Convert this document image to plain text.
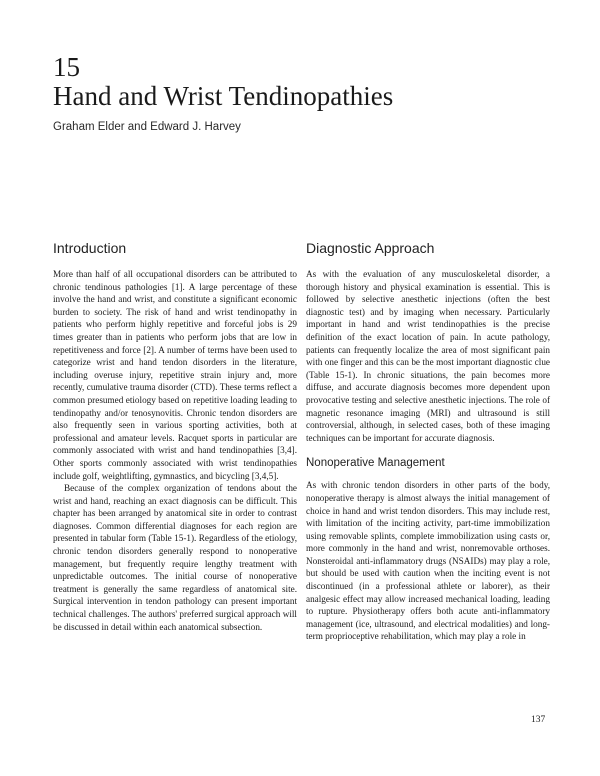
15
Hand and Wrist Tendinopathies
Graham Elder and Edward J. Harvey
Introduction

More than half of all occupational disorders can be attributed to chronic tendinous pathologies [1]. A large percentage of these involve the hand and wrist, and constitute a significant economic burden to society. The risk of hand and wrist tendinopathy in patients who perform highly repetitive and forceful jobs is 29 times greater than in patients who perform jobs that are low in repetitiveness and force [2]. A number of terms have been used to categorize wrist and hand tendon disorders in the literature, including overuse injury, repetitive strain injury and, more recently, cumulative trauma disorder (CTD). These terms reflect a common presumed etiology based on repetitive loading leading to tendinopathy and/or tenosynovitis. Chronic tendon disorders are also frequently seen in various sporting activities, both at professional and amateur levels. Racquet sports in particular are commonly associated with wrist and hand tendinopathies [3,4]. Other sports commonly associated with wrist tendinopathies include golf, weightlifting, gymnastics, and bicycling [3,4,5].

Because of the complex organization of tendons about the wrist and hand, reaching an exact diagnosis can be difficult. This chapter has been arranged by anatomical site in order to contrast diagnoses. Common differential diagnoses for each region are presented in tabular form (Table 15-1). Regardless of the etiology, chronic tendon disorders generally respond to nonoperative management, but frequently require lengthy treatment with unpredictable outcomes. The initial course of nonoperative treatment is generally the same regardless of anatomical site. Surgical intervention in tendon pathology can present important technical challenges. The authors' preferred surgical approach will be discussed in detail within each anatomical subsection.

Diagnostic Approach

As with the evaluation of any musculoskeletal disorder, a thorough history and physical examination is essential. This is followed by selective anesthetic injections (often the best diagnostic test) and by imaging when necessary. Particularly important in hand and wrist tendinopathies is the precise definition of the exact location of pain. In acute pathology, patients can frequently localize the area of most significant pain with one finger and this can be the most important diagnostic clue (Table 15-1). In chronic situations, the pain becomes more diffuse, and accurate diagnosis becomes more dependent upon provocative testing and selective anesthetic injections. The role of magnetic resonance imaging (MRI) and ultrasound is still controversial, although, in selected cases, both of these imaging techniques can be important for accurate diagnosis.

Nonoperative Management

As with chronic tendon disorders in other parts of the body, nonoperative therapy is almost always the initial management of choice in hand and wrist tendon disorders. This may include rest, with limitation of the inciting activity, part-time immobilization using removable splints, complete immobilization using casts or, more commonly in the hand and wrist, nonremovable orthoses. Nonsteroidal anti-inflammatory drugs (NSAIDs) may play a role, but should be used with caution when the inciting event is not discontinued (in a professional athlete or laborer), as their analgesic effect may allow increased mechanical loading, leading to rupture. Physiotherapy offers both acute anti-inflammatory management (ice, ultrasound, and electrical modalities) and long-term proprioceptive rehabilitation, which may play a role in

137
